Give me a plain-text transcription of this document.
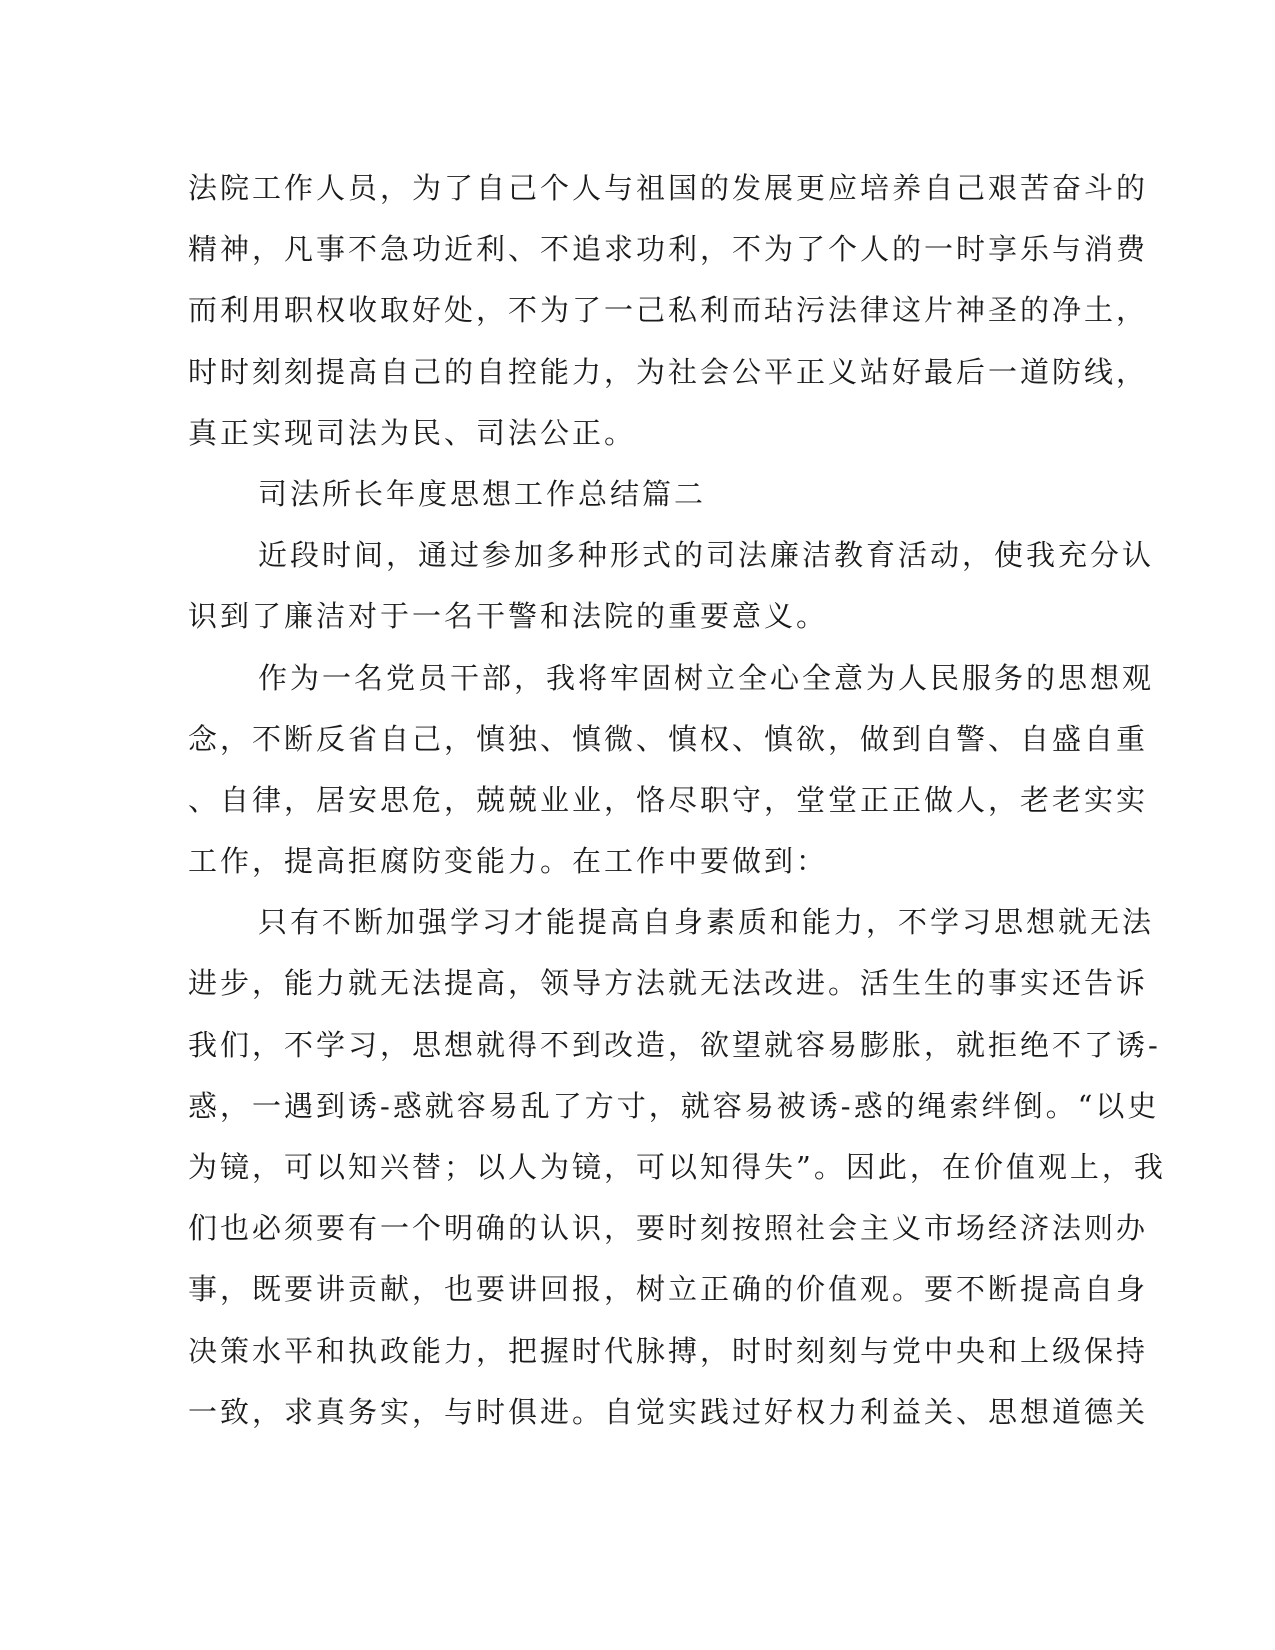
法院工作人员，为了自己个人与祖国的发展更应培养自己艰苦奋斗的
精神，凡事不急功近利、不追求功利，不为了个人的一时享乐与消费
而利用职权收取好处，不为了一己私利而玷污法律这片神圣的净土，
时时刻刻提高自己的自控能力，为社会公平正义站好最后一道防线，
真正实现司法为民、司法公正。
司法所长年度思想工作总结篇二
近段时间，通过参加多种形式的司法廉洁教育活动，使我充分认
识到了廉洁对于一名干警和法院的重要意义。
作为一名党员干部，我将牢固树立全心全意为人民服务的思想观
念，不断反省自己，慎独、慎微、慎权、慎欲，做到自警、自盛自重
、自律，居安思危，兢兢业业，恪尽职守，堂堂正正做人，老老实实
工作，提高拒腐防变能力。在工作中要做到：
只有不断加强学习才能提高自身素质和能力，不学习思想就无法
进步，能力就无法提高，领导方法就无法改进。活生生的事实还告诉
我们，不学习，思想就得不到改造，欲望就容易膨胀，就拒绝不了诱-
惑，一遇到诱-惑就容易乱了方寸，就容易被诱-惑的绳索绊倒。“以史
为镜，可以知兴替；以人为镜，可以知得失”。因此，在价值观上，我
们也必须要有一个明确的认识，要时刻按照社会主义市场经济法则办
事，既要讲贡献，也要讲回报，树立正确的价值观。要不断提高自身
决策水平和执政能力，把握时代脉搏，时时刻刻与党中央和上级保持
一致，求真务实，与时俱进。自觉实践过好权力利益关、思想道德关
